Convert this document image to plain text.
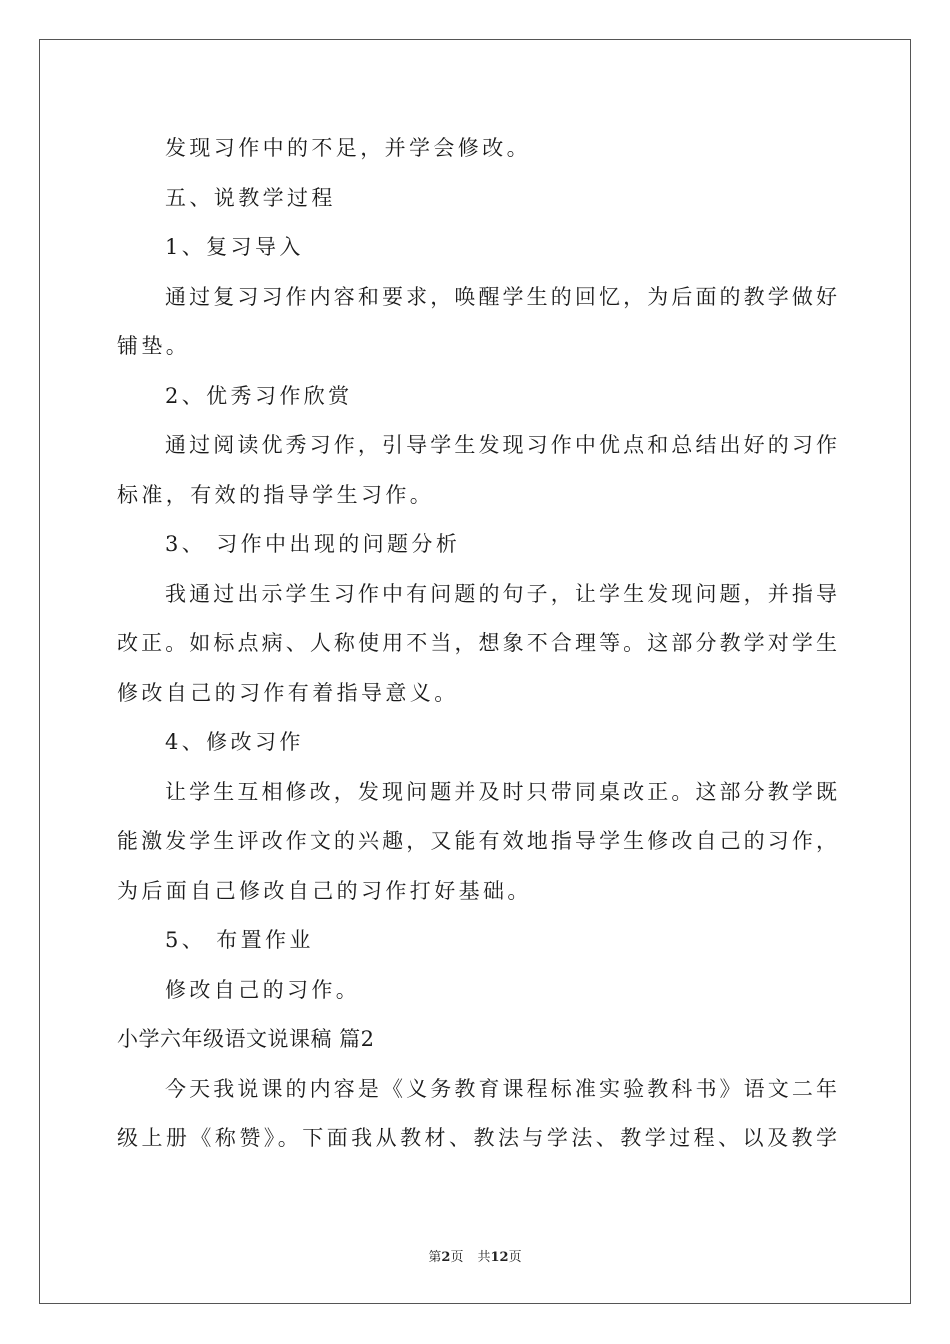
发现习作中的不足，并学会修改。
五、说教学过程
1、复习导入
通过复习习作内容和要求，唤醒学生的回忆，为后面的教学做好
铺垫。
2、优秀习作欣赏
通过阅读优秀习作，引导学生发现习作中优点和总结出好的习作
标准，有效的指导学生习作。
3、 习作中出现的问题分析
我通过出示学生习作中有问题的句子，让学生发现问题，并指导
改正。如标点病、人称使用不当，想象不合理等。这部分教学对学生
修改自己的习作有着指导意义。
4、修改习作
让学生互相修改，发现问题并及时只带同桌改正。这部分教学既
能激发学生评改作文的兴趣，又能有效地指导学生修改自己的习作，
为后面自己修改自己的习作打好基础。
5、 布置作业
修改自己的习作。
小学六年级语文说课稿 篇2
今天我说课的内容是《义务教育课程标准实验教科书》语文二年
级上册《称赞》。下面我从教材、教法与学法、教学过程、以及教学
第2页 共12页
